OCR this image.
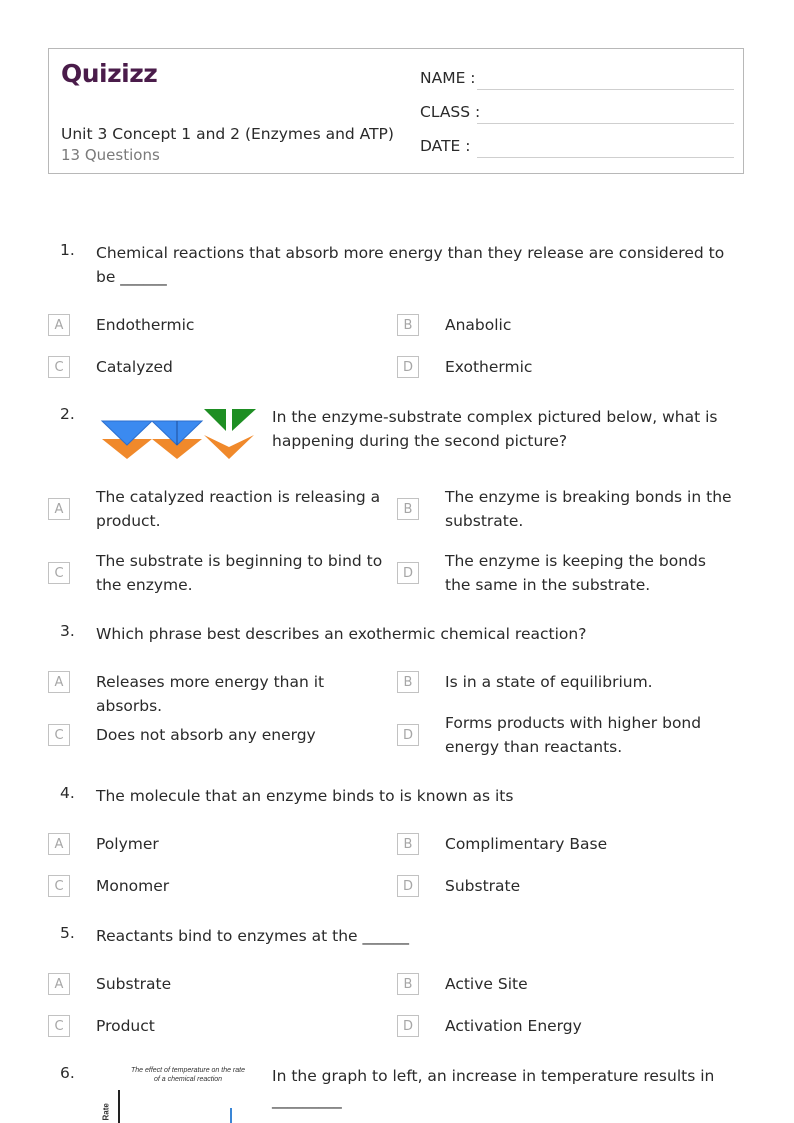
Quizizz
Unit 3 Concept 1 and 2 (Enzymes and ATP)
13 Questions
NAME :
CLASS :
DATE :
1. Chemical reactions that absorb more energy than they release are considered to be ______
A	Endothermic	B	Anabolic
C	Catalyzed	D	Exothermic
2.	In the enzyme-substrate complex pictured below, what is happening during the second picture?
A
The catalyzed reaction is releasing a product.
B
The enzyme is breaking bonds in the substrate.
C
The substrate is beginning to bind to the enzyme.
D
The enzyme is keeping the bonds the same in the substrate.
3. Which phrase best describes an exothermic chemical reaction?
A	Releases more energy than it absorbs.
B	Is in a state of equilibrium.
C	Does not absorb any energy	D
Forms products with higher bond energy than reactants.
4. The molecule that an enzyme binds to is known as its
A	Polymer	B	Complimentary Base
C	Monomer	D	Substrate
5. Reactants bind to enzymes at the ______
A	Substrate	B	Active Site
C	Product	D	Activation Energy
6.	The effect of temperature on the rate of a chemical reaction
Rate
In the graph to left, an increase in temperature results in _________
